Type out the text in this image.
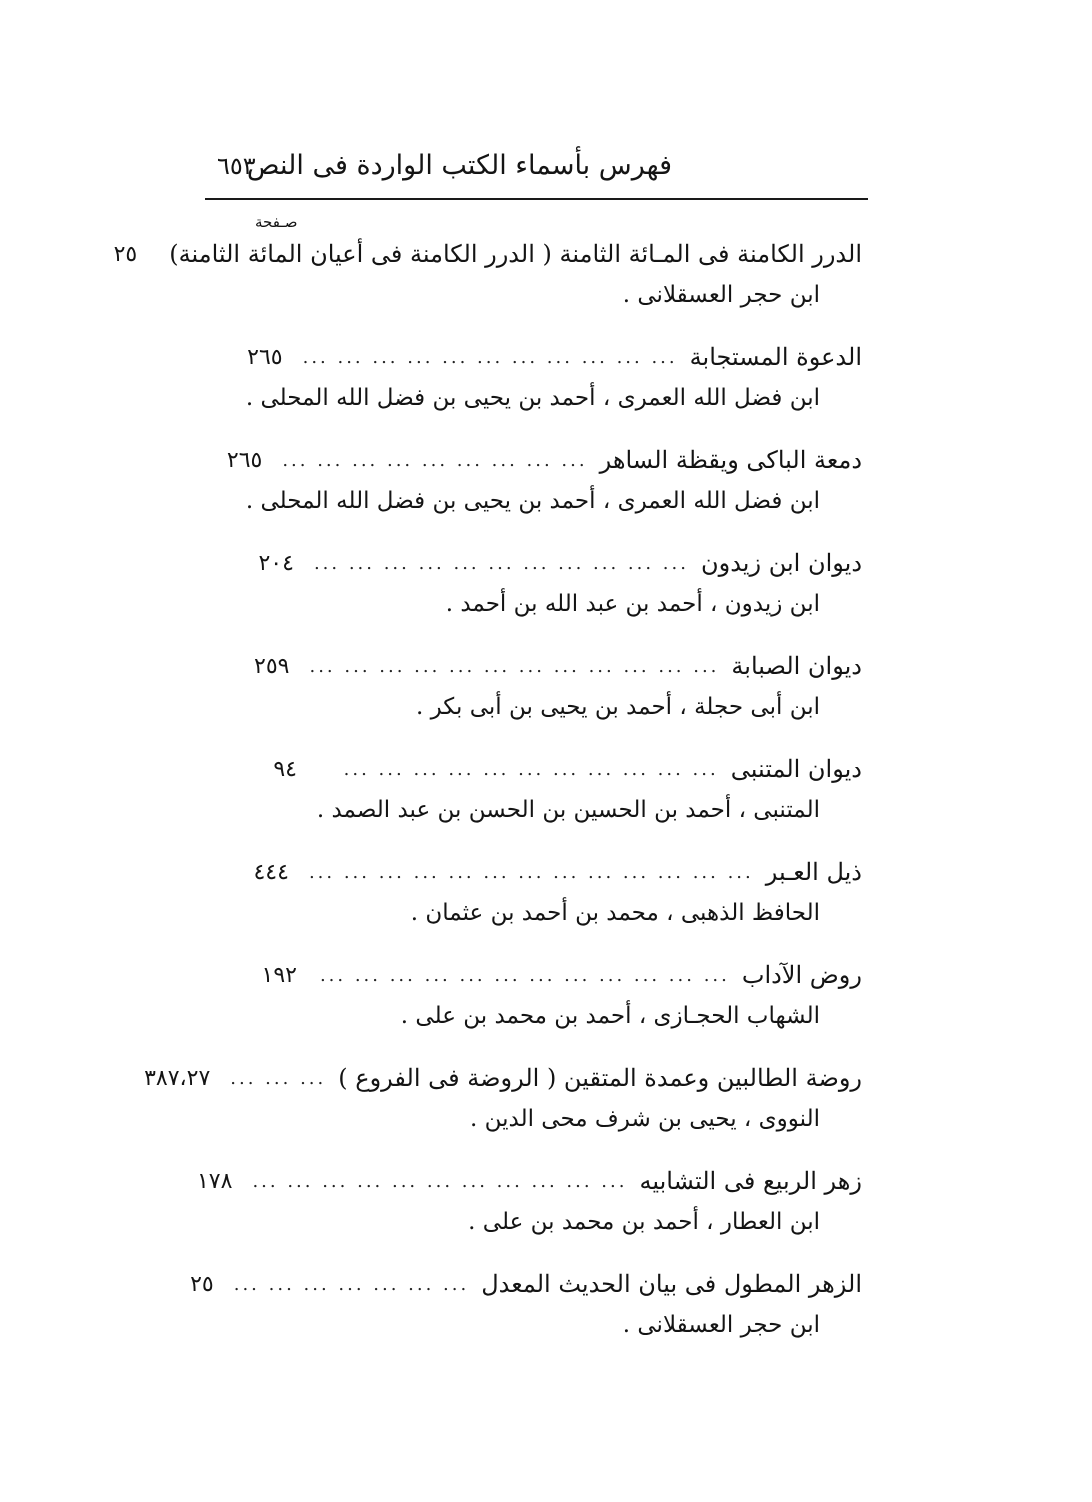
فهرس بأسماء الكتب الواردة فى النص
٦٥٣
صـفحة
الدرر الكامنة فى المـائة الثامنة ( الدرر الكامنة فى أعيان المائة الثامنة)
٢٥
ابن حجر العسقلانى .
الدعوة المستجابة
... ... ... ... ... ... ... ... ... ... ...
٢٦٥
ابن فضل الله العمرى ، أحمد بن يحيى بن فضل الله المحلى .
دمعة الباكى ويقظة الساهر
... ... ... ... ... ... ... ... ...
٢٦٥
ابن فضل الله العمرى ، أحمد بن يحيى بن فضل الله المحلى .
ديوان ابن زيدون
... ... ... ... ... ... ... ... ... ... ...
٢٠٤
ابن زيدون ، أحمد بن عبد الله بن أحمد .
ديوان الصبابة
... ... ... ... ... ... ... ... ... ... ... ...
٢٥٩
ابن أبى حجلة ، أحمد بن يحيى بن أبى بكر .
ديوان المتنبى
... ... ... ... ... ... ... ... ... ... ...
٩٤
المتنبى ، أحمد بن الحسين بن الحسن بن عبد الصمد .
ذيل العـبر
... ... ... ... ... ... ... ... ... ... ... ... ...
٤٤٤
الحافظ الذهبى ، محمد بن أحمد بن عثمان .
روض الآداب
... ... ... ... ... ... ... ... ... ... ... ...
١٩٢
الشهاب الحجـازى ، أحمد بن محمد بن على .
روضة الطالبين وعمدة المتقين ( الروضة فى الفروع )
... ... ...
٣٨٧،٢٧
النووى ، يحيى بن شرف محى الدين .
زهر الربيع فى التشابيه
... ... ... ... ... ... ... ... ... ... ...
١٧٨
ابن العطار ، أحمد بن محمد بن على .
الزهر المطول فى بيان الحديث المعدل
... ... ... ... ... ... ...
٢٥
ابن حجر العسقلانى .
